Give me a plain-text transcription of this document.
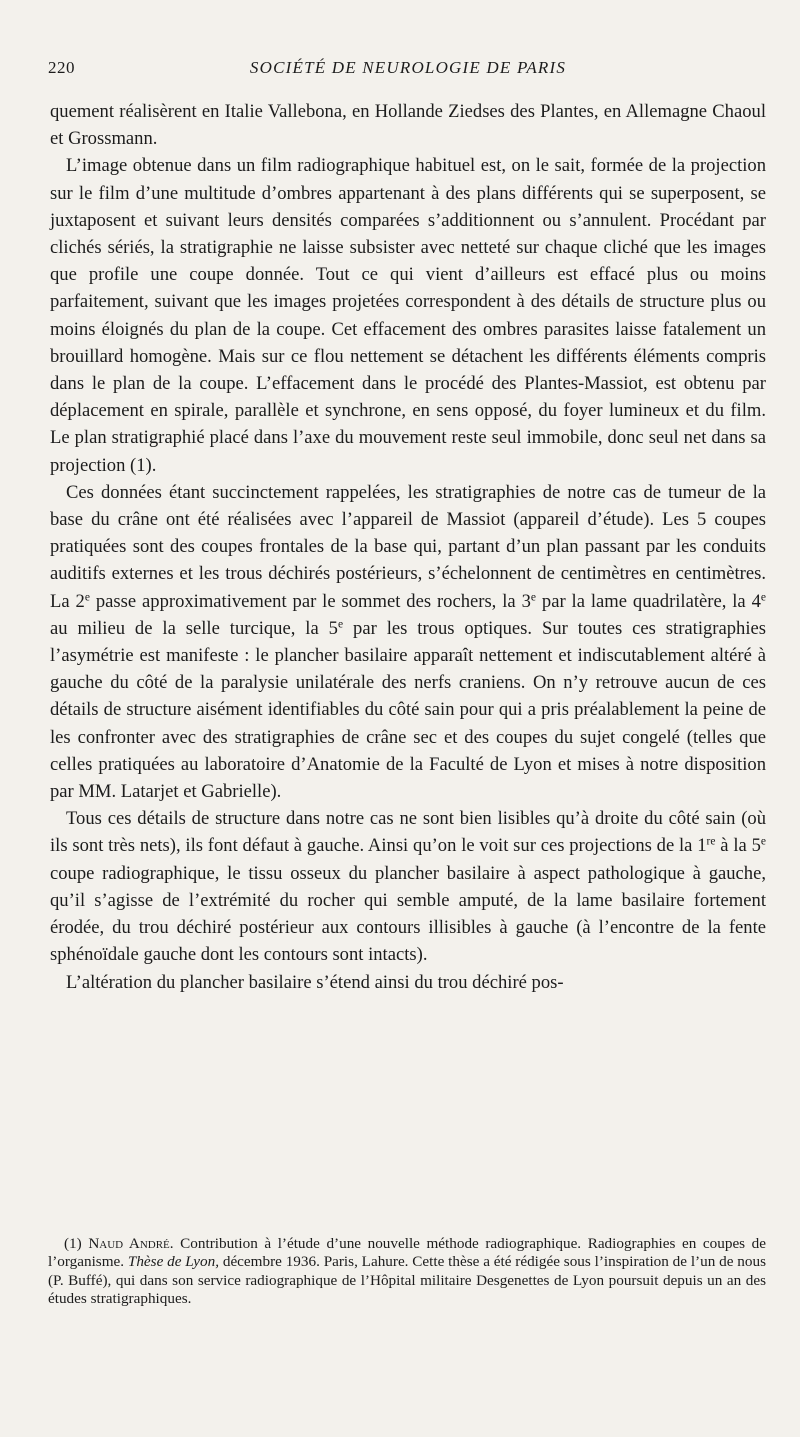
220	SOCIÉTÉ DE NEUROLOGIE DE PARIS

quement réalisèrent en Italie Vallebona, en Hollande Ziedses des Plantes, en Allemagne Chaoul et Grossmann.

L’image obtenue dans un film radiographique habituel est, on le sait, formée de la projection sur le film d’une multitude d’ombres appartenant à des plans différents qui se superposent, se juxtaposent et suivant leurs densités comparées s’additionnent ou s’annulent. Procédant par clichés sériés, la stratigraphie ne laisse subsister avec netteté sur chaque cliché que les images que profile une coupe donnée. Tout ce qui vient d’ailleurs est effacé plus ou moins parfaitement, suivant que les images projetées correspondent à des détails de structure plus ou moins éloignés du plan de la coupe. Cet effacement des ombres parasites laisse fatalement un brouillard homogène. Mais sur ce flou nettement se détachent les différents éléments compris dans le plan de la coupe. L’effacement dans le procédé des Plantes-Massiot, est obtenu par déplacement en spirale, parallèle et synchrone, en sens opposé, du foyer lumineux et du film. Le plan stratigraphié placé dans l’axe du mouvement reste seul immobile, donc seul net dans sa projection (1).

Ces données étant succinctement rappelées, les stratigraphies de notre cas de tumeur de la base du crâne ont été réalisées avec l’appareil de Massiot (appareil d’étude). Les 5 coupes pratiquées sont des coupes frontales de la base qui, partant d’un plan passant par les conduits auditifs externes et les trous déchirés postérieurs, s’échelonnent de centimètres en centimètres. La 2e passe approximativement par le sommet des rochers, la 3e par la lame quadrilatère, la 4e au milieu de la selle turcique, la 5e par les trous optiques. Sur toutes ces stratigraphies l’asymétrie est manifeste : le plancher basilaire apparaît nettement et indiscutablement altéré à gauche du côté de la paralysie unilatérale des nerfs craniens. On n’y retrouve aucun de ces détails de structure aisément identifiables du côté sain pour qui a pris préalablement la peine de les confronter avec des stratigraphies de crâne sec et des coupes du sujet congelé (telles que celles pratiquées au laboratoire d’Anatomie de la Faculté de Lyon et mises à notre disposition par MM. Latarjet et Gabrielle).

Tous ces détails de structure dans notre cas ne sont bien lisibles qu’à droite du côté sain (où ils sont très nets), ils font défaut à gauche. Ainsi qu’on le voit sur ces projections de la 1re à la 5e coupe radiographique, le tissu osseux du plancher basilaire à aspect pathologique à gauche, qu’il s’agisse de l’extrémité du rocher qui semble amputé, de la lame basilaire fortement érodée, du trou déchiré postérieur aux contours illisibles à gauche (à l’encontre de la fente sphénoïdale gauche dont les contours sont intacts).

L’altération du plancher basilaire s’étend ainsi du trou déchiré pos-

(1) Naud André. Contribution à l’étude d’une nouvelle méthode radiographique. Radiographies en coupes de l’organisme. Thèse de Lyon, décembre 1936. Paris, Lahure. Cette thèse a été rédigée sous l’inspiration de l’un de nous (P. Buffé), qui dans son service radiographique de l’Hôpital militaire Desgenettes de Lyon poursuit depuis un an des études stratigraphiques.
